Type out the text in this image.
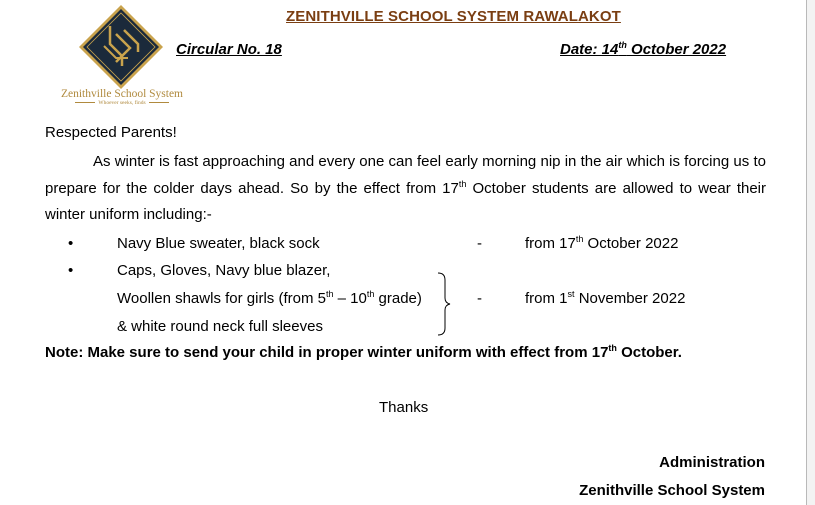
Zenithville School System
Whoever seeks, finds
ZENITHVILLE SCHOOL SYSTEM RAWALAKOT
Circular No. 18	Date: 14th October 2022
Respected Parents!

As winter is fast approaching and every one can feel early morning nip in the air which is forcing us to prepare for the colder days ahead. So by the effect from 17th October students are allowed to wear their winter uniform including:-

•	Navy Blue sweater, black sock	-	from 17th October 2022
•	Caps, Gloves, Navy blue blazer,
Woollen shawls for girls (from 5th – 10th grade)
& white round neck full sleeves
-	from 1st November 2022
Note: Make sure to send your child in proper winter uniform with effect from 17th October.
Thanks
Administration
Zenithville School System
